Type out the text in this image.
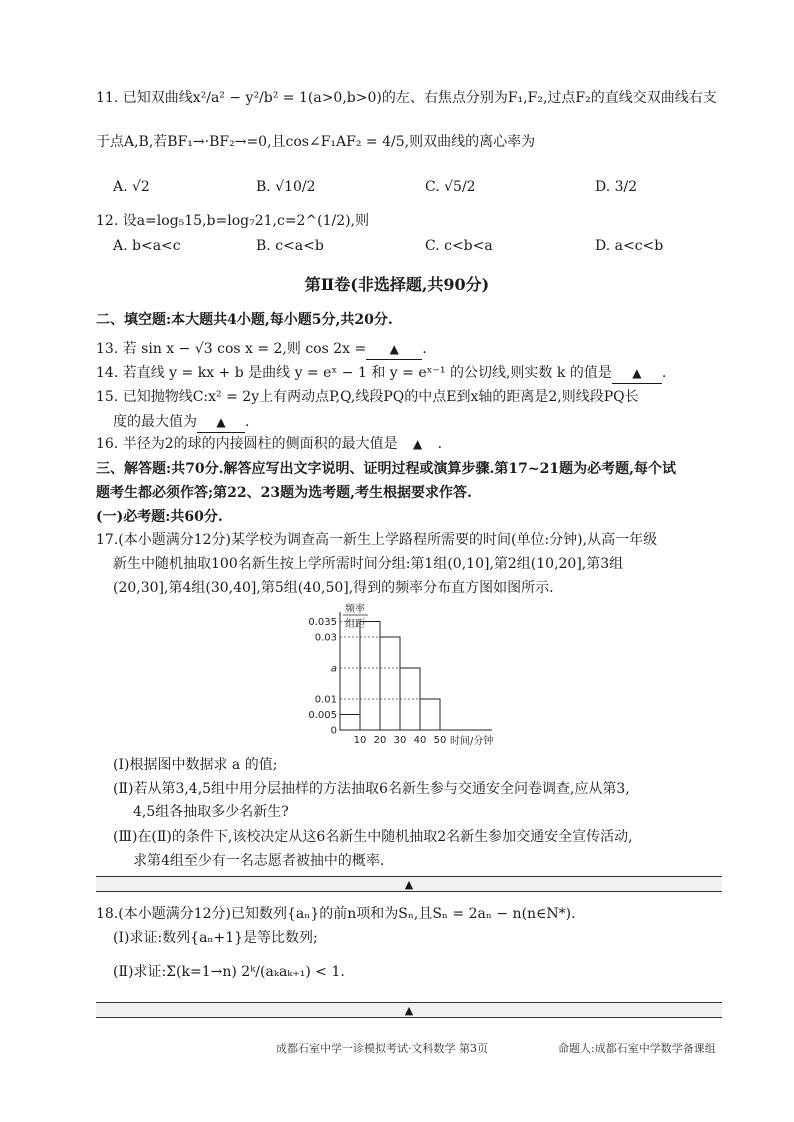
11. 已知双曲线x²/a² − y²/b² = 1(a>0,b>0)的左、右焦点分别为F₁,F₂,过点F₂的直线交双曲线右支
于点A,B,若BF₁→·BF₂→=0,且cos∠F₁AF₂ = 4/5,则双曲线的离心率为
A. √2	B. √10/2	C. √5/2	D. 3/2
12. 设a=log₅15,b=log₇21,c=2^(1/2),则
A. b<a<c	B. c<a<b	C. c<b<a	D. a<c<b
第Ⅱ卷(非选择题,共90分)
二、填空题:本大题共4小题,每小题5分,共20分.
13. 若 sin x − √3 cos x = 2,则 cos 2x = ▲ .
14. 若直线 y = kx + b 是曲线 y = eˣ − 1 和 y = eˣ⁻¹ 的公切线,则实数 k 的值是 ▲ .
15. 已知抛物线C:x² = 2y上有两动点P,Q,线段PQ的中点E到x轴的距离是2,则线段PQ长
度的最大值为 ▲ .
16. 半径为2的球的内接圆柱的侧面积的最大值是 ▲ .
三、解答题:共70分.解答应写出文字说明、证明过程或演算步骤.第17~21题为必考题,每个试
题考生都必须作答;第22、23题为选考题,考生根据要求作答.
(一)必考题:共60分.
17.(本小题满分12分)某学校为调查高一新生上学路程所需要的时间(单位:分钟),从高一年级
新生中随机抽取100名新生按上学所需时间分组:第1组(0,10],第2组(10,20],第3组
(20,30],第4组(30,40],第5组(40,50],得到的频率分布直方图如图所示.
频率
组距
0
0.005
0.01
a
0.03
0.035
10 20 30 40 50 时间/分钟
(Ⅰ)根据图中数据求 a 的值;
(Ⅱ)若从第3,4,5组中用分层抽样的方法抽取6名新生参与交通安全问卷调查,应从第3,
4,5组各抽取多少名新生?
(Ⅲ)在(Ⅱ)的条件下,该校决定从这6名新生中随机抽取2名新生参加交通安全宣传活动,
求第4组至少有一名志愿者被抽中的概率.
▲
18.(本小题满分12分)已知数列{aₙ}的前n项和为Sₙ,且Sₙ = 2aₙ − n(n∈N*).
(Ⅰ)求证:数列{aₙ+1}是等比数列;
(Ⅱ)求证:Σ(k=1→n) 2ᵏ/(aₖaₖ₊₁) < 1.
▲
成都石室中学一诊模拟考试·文科数学 第3页	命题人:成都石室中学数学备课组
